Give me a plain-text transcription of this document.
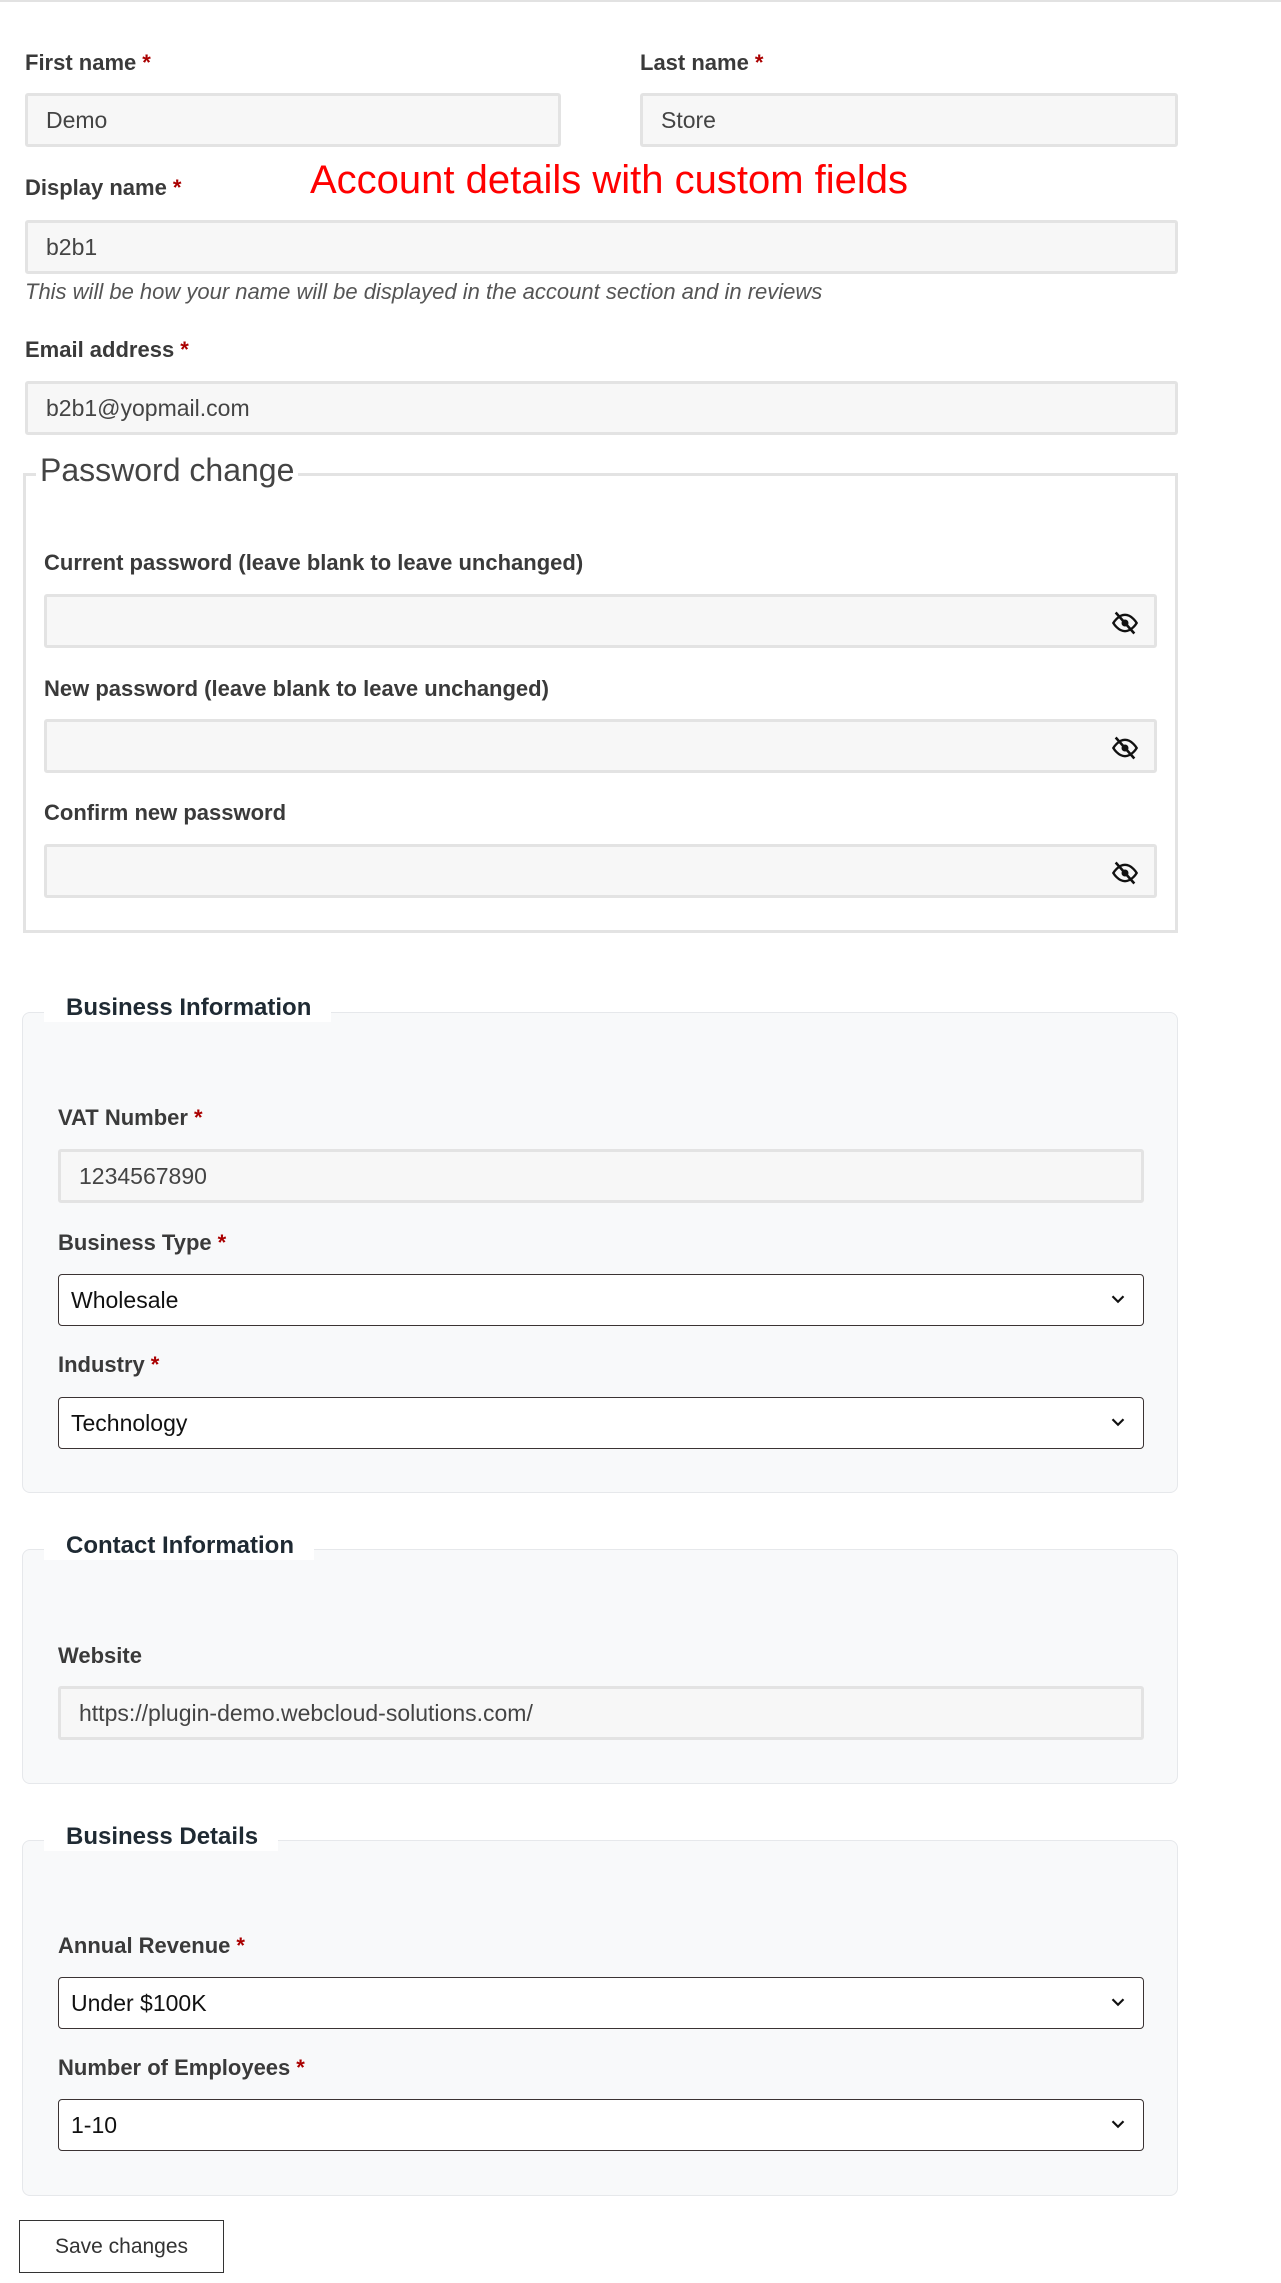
First name *
Demo
Last name *
Store
Display name *	Account details with custom fields
b2b1
This will be how your name will be displayed in the account section and in reviews
Email address *
b2b1@yopmail.com
Password change
Current password (leave blank to leave unchanged)
New password (leave blank to leave unchanged)
Confirm new password
Business Information
VAT Number *
1234567890
Business Type *
Wholesale
Industry *
Technology
Contact Information
Website
https://plugin-demo.webcloud-solutions.com/
Business Details
Annual Revenue *
Under $100K
Number of Employees *
1-10
Save changes
